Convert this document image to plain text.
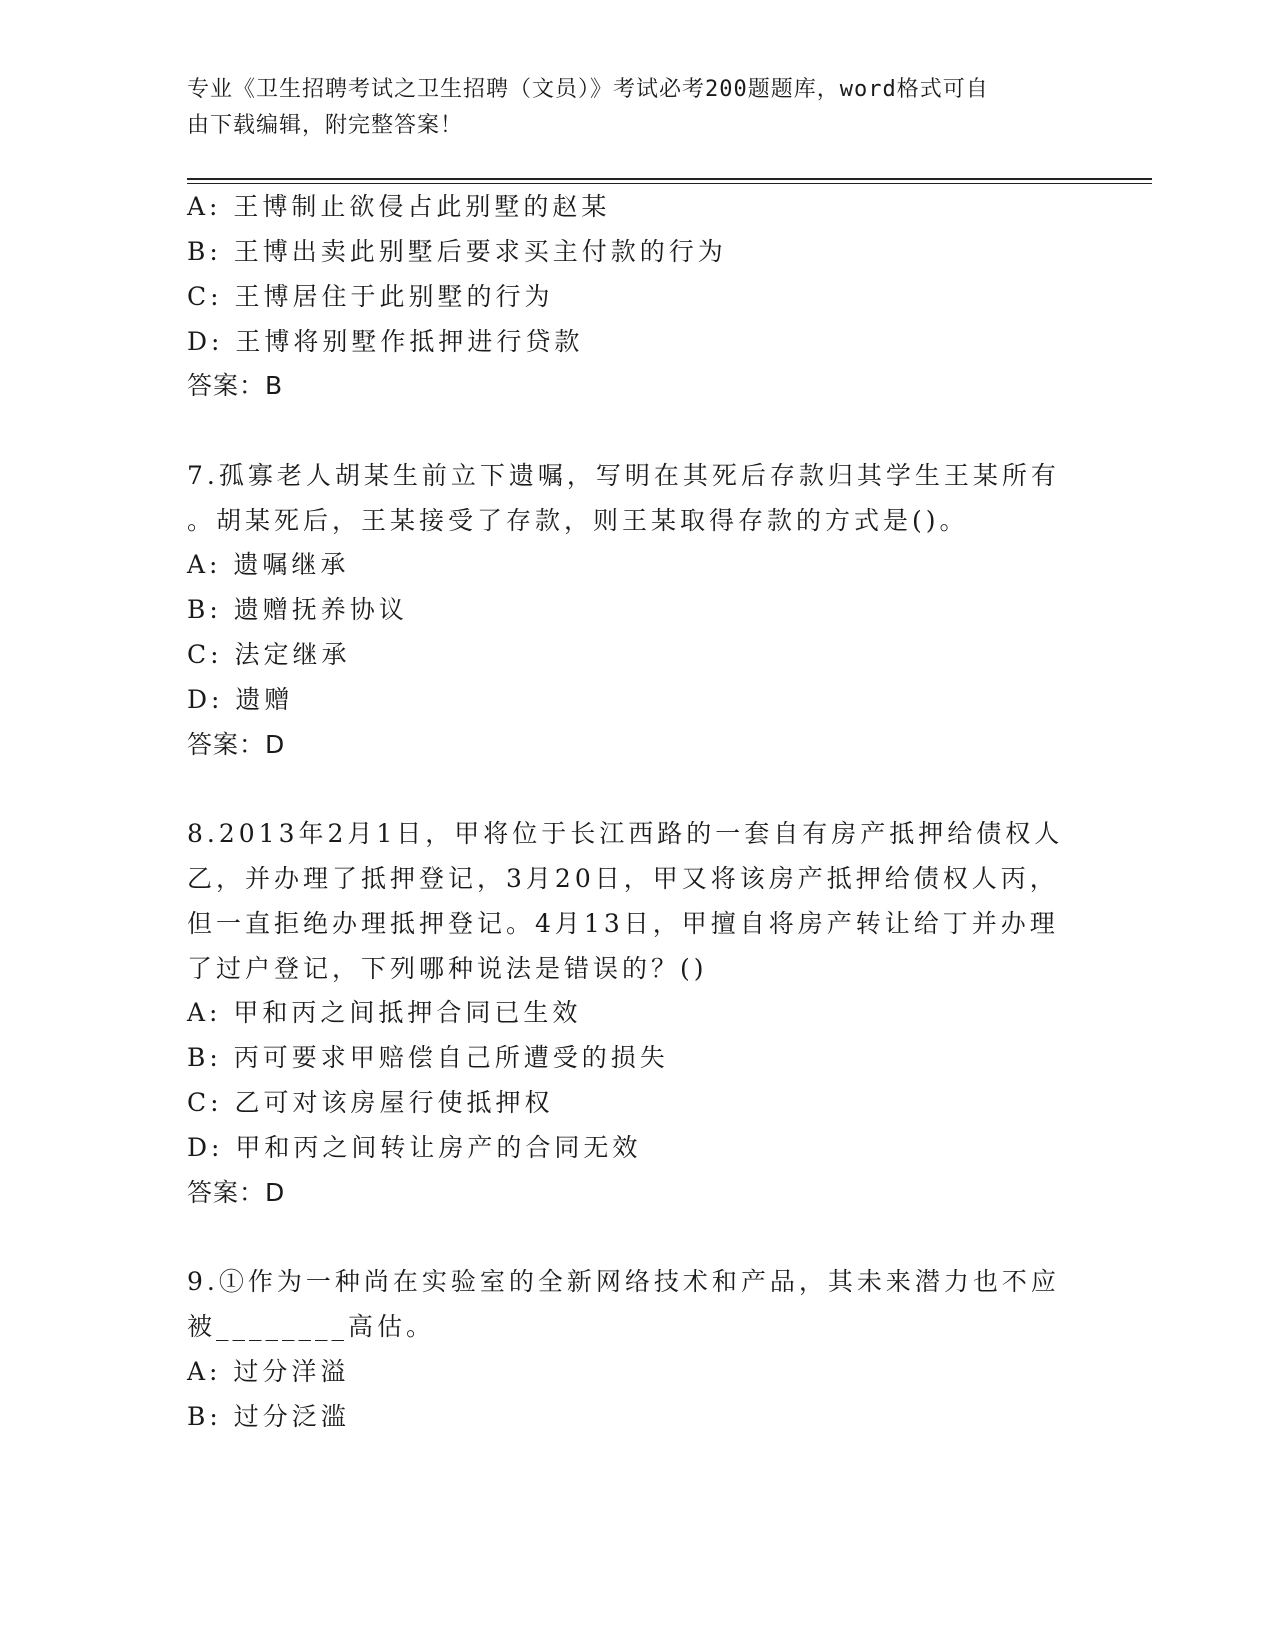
专业《卫生招聘考试之卫生招聘（文员）》考试必考200题题库，word格式可自
由下载编辑，附完整答案！
A: 王博制止欲侵占此别墅的赵某
B: 王博出卖此别墅后要求买主付款的行为
C: 王博居住于此别墅的行为
D: 王博将别墅作抵押进行贷款
答案：B
7.孤寡老人胡某生前立下遗嘱，写明在其死后存款归其学生王某所有
。胡某死后，王某接受了存款，则王某取得存款的方式是()。
A: 遗嘱继承
B: 遗赠抚养协议
C: 法定继承
D: 遗赠
答案：D
8.2013年2月1日，甲将位于长江西路的一套自有房产抵押给债权人
乙，并办理了抵押登记，3月20日，甲又将该房产抵押给债权人丙，
但一直拒绝办理抵押登记。4月13日，甲擅自将房产转让给丁并办理
了过户登记，下列哪种说法是错误的？()
A: 甲和丙之间抵押合同已生效
B: 丙可要求甲赔偿自己所遭受的损失
C: 乙可对该房屋行使抵押权
D: 甲和丙之间转让房产的合同无效
答案：D
9.①作为一种尚在实验室的全新网络技术和产品，其未来潜力也不应
被________高估。
A: 过分洋溢
B: 过分泛滥
